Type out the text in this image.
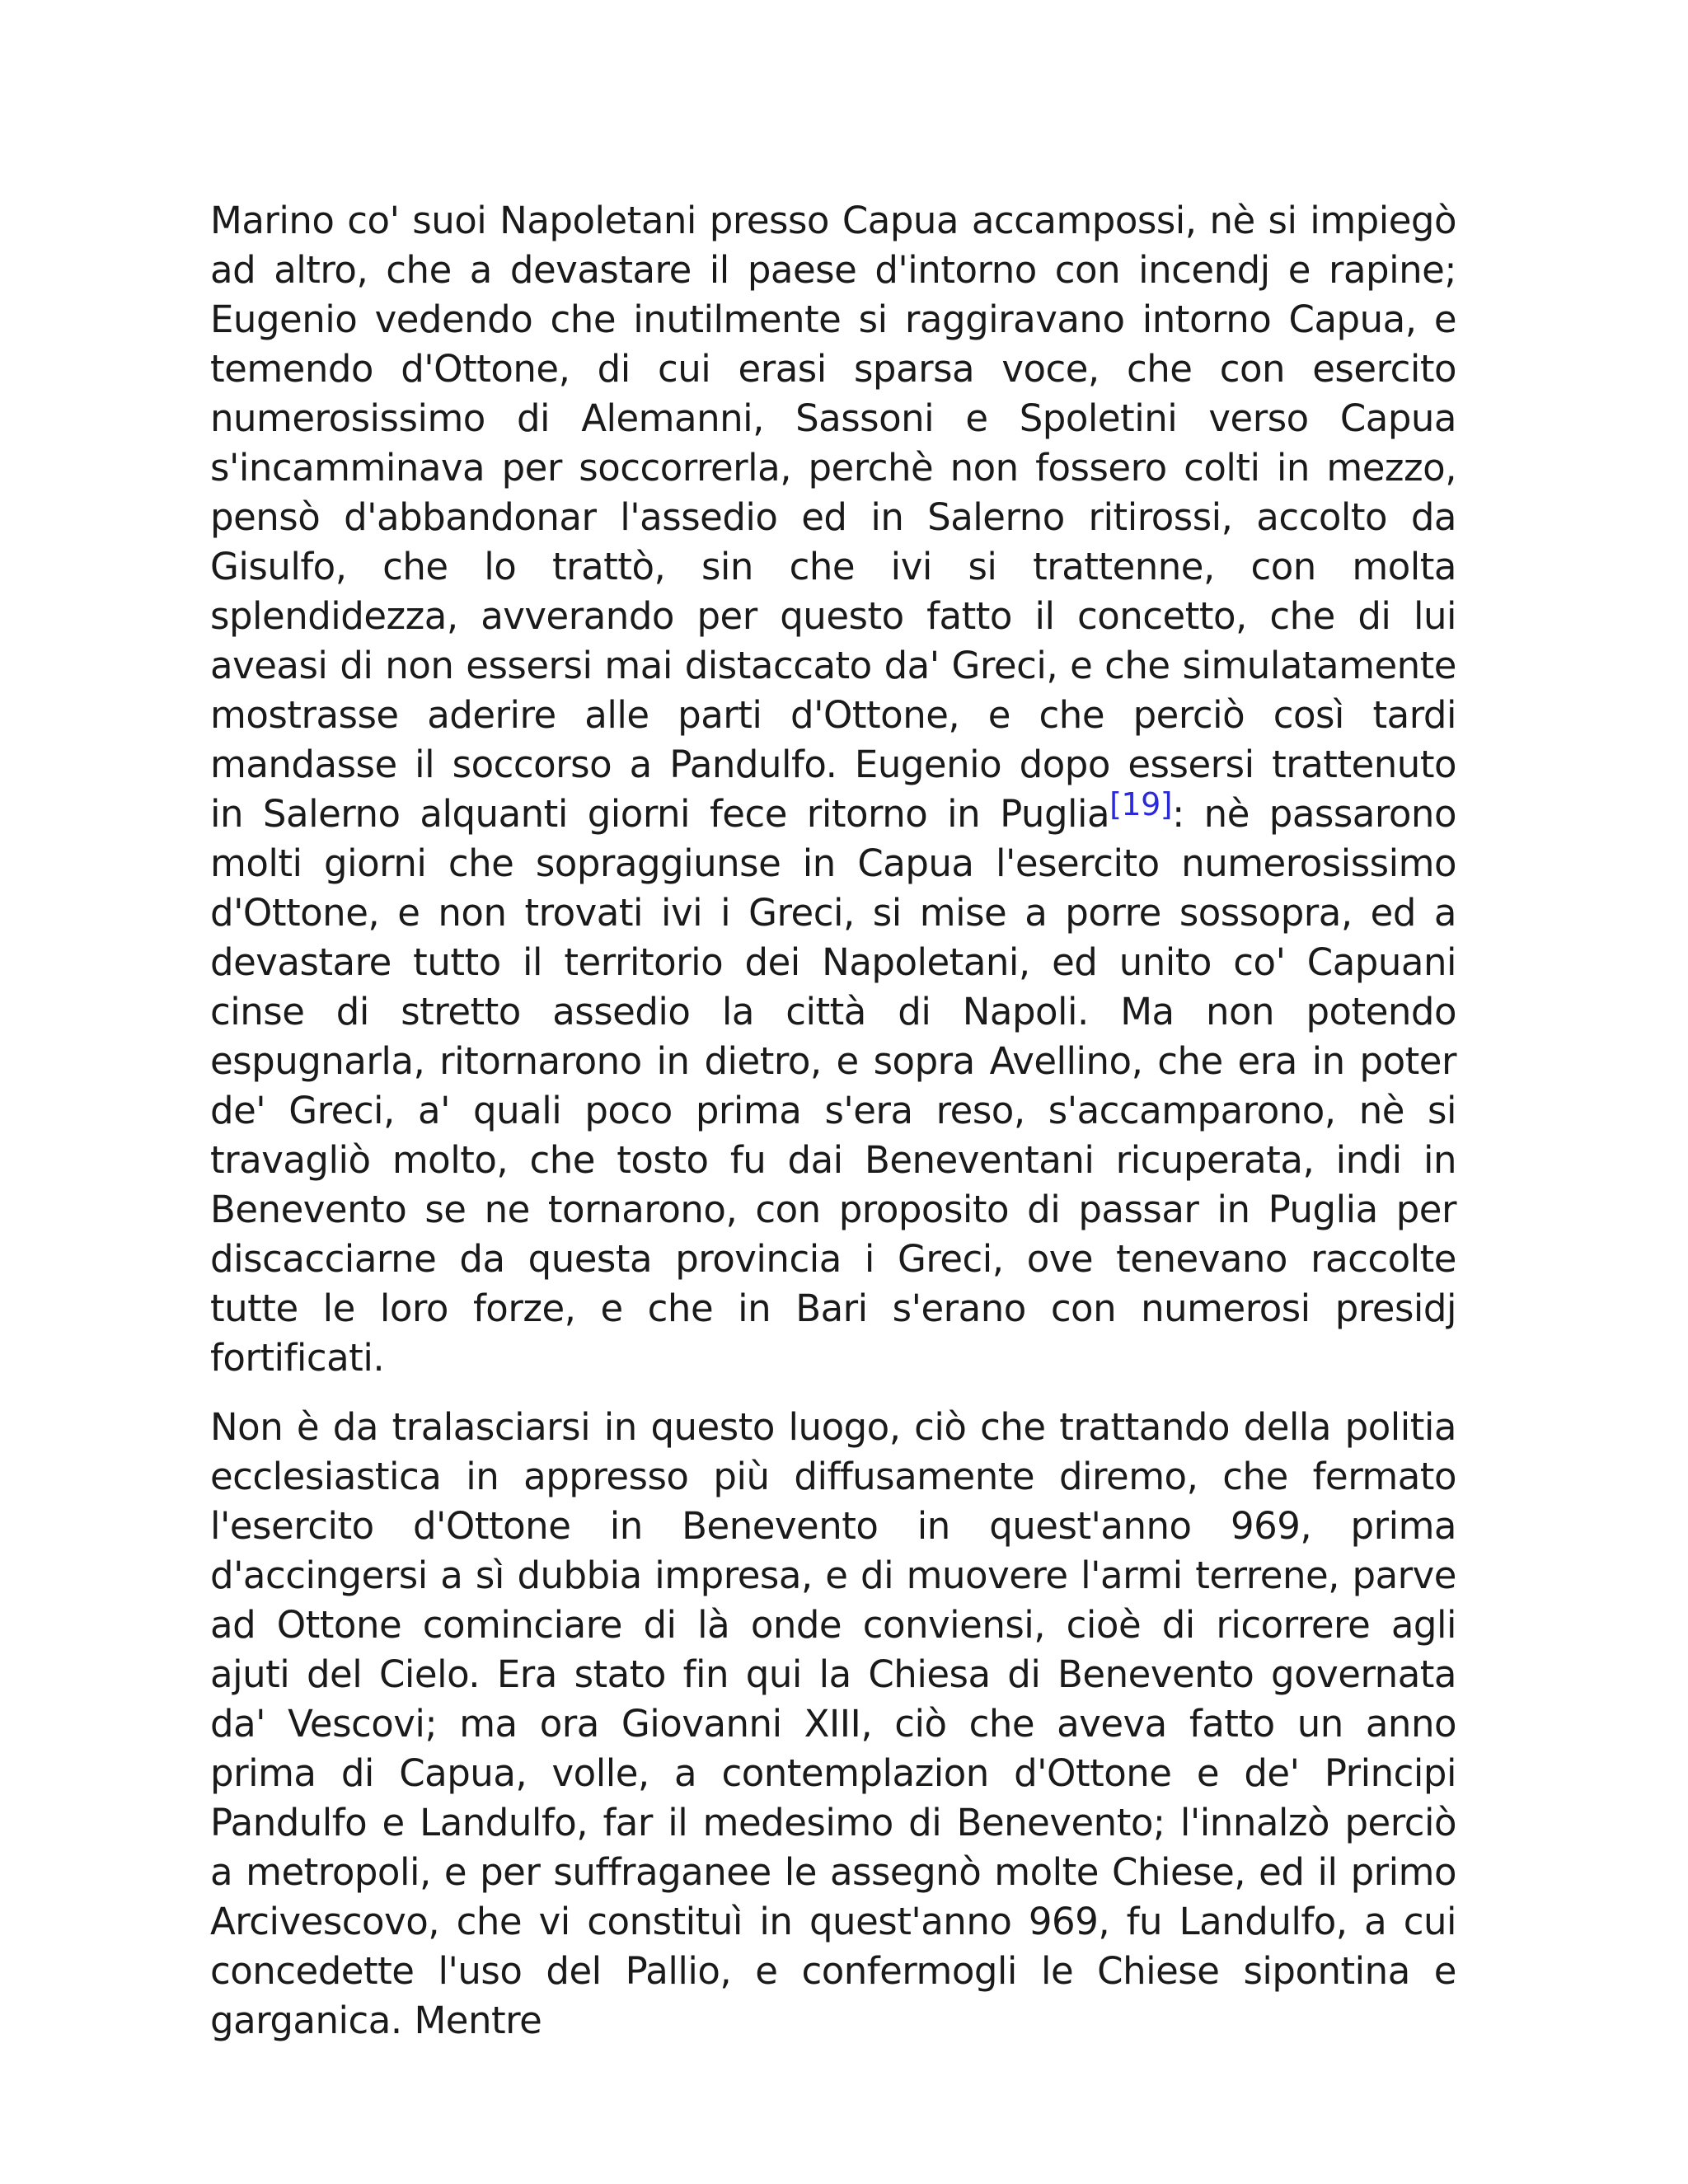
Marino co' suoi Napoletani presso Capua accampossi, nè si impiegò ad altro, che a devastare il paese d'intorno con incendj e rapine; Eugenio vedendo che inutilmente si raggiravano intorno Capua, e temendo d'Ottone, di cui erasi sparsa voce, che con esercito numerosissimo di Alemanni, Sassoni e Spoletini verso Capua s'incamminava per soccorrerla, perchè non fossero colti in mezzo, pensò d'abbandonar l'assedio ed in Salerno ritirossi, accolto da Gisulfo, che lo trattò, sin che ivi si trattenne, con molta splendidezza, avverando per questo fatto il concetto, che di lui aveasi di non essersi mai distaccato da' Greci, e che simulatamente mostrasse aderire alle parti d'Ottone, e che perciò così tardi mandasse il soccorso a Pandulfo. Eugenio dopo essersi trattenuto in Salerno alquanti giorni fece ritorno in Puglia[19]: nè passarono molti giorni che sopraggiunse in Capua l'esercito numerosissimo d'Ottone, e non trovati ivi i Greci, si mise a porre sossopra, ed a devastare tutto il territorio dei Napoletani, ed unito co' Capuani cinse di stretto assedio la città di Napoli. Ma non potendo espugnarla, ritornarono in dietro, e sopra Avellino, che era in poter de' Greci, a' quali poco prima s'era reso, s'accamparono, nè si travagliò molto, che tosto fu dai Beneventani ricuperata, indi in Benevento se ne tornarono, con proposito di passar in Puglia per discacciarne da questa provincia i Greci, ove tenevano raccolte tutte le loro forze, e che in Bari s'erano con numerosi presidj fortificati.

Non è da tralasciarsi in questo luogo, ciò che trattando della politia ecclesiastica in appresso più diffusamente diremo, che fermato l'esercito d'Ottone in Benevento in quest'anno 969, prima d'accingersi a sì dubbia impresa, e di muovere l'armi terrene, parve ad Ottone cominciare di là onde conviensi, cioè di ricorrere agli ajuti del Cielo. Era stato fin qui la Chiesa di Benevento governata da' Vescovi; ma ora Giovanni XIII, ciò che aveva fatto un anno prima di Capua, volle, a contemplazion d'Ottone e de' Principi Pandulfo e Landulfo, far il medesimo di Benevento; l'innalzò perciò a metropoli, e per suffraganee le assegnò molte Chiese, ed il primo Arcivescovo, che vi constituì in quest'anno 969, fu Landulfo, a cui concedette l'uso del Pallio, e confermogli le Chiese sipontina e garganica. Mentre
